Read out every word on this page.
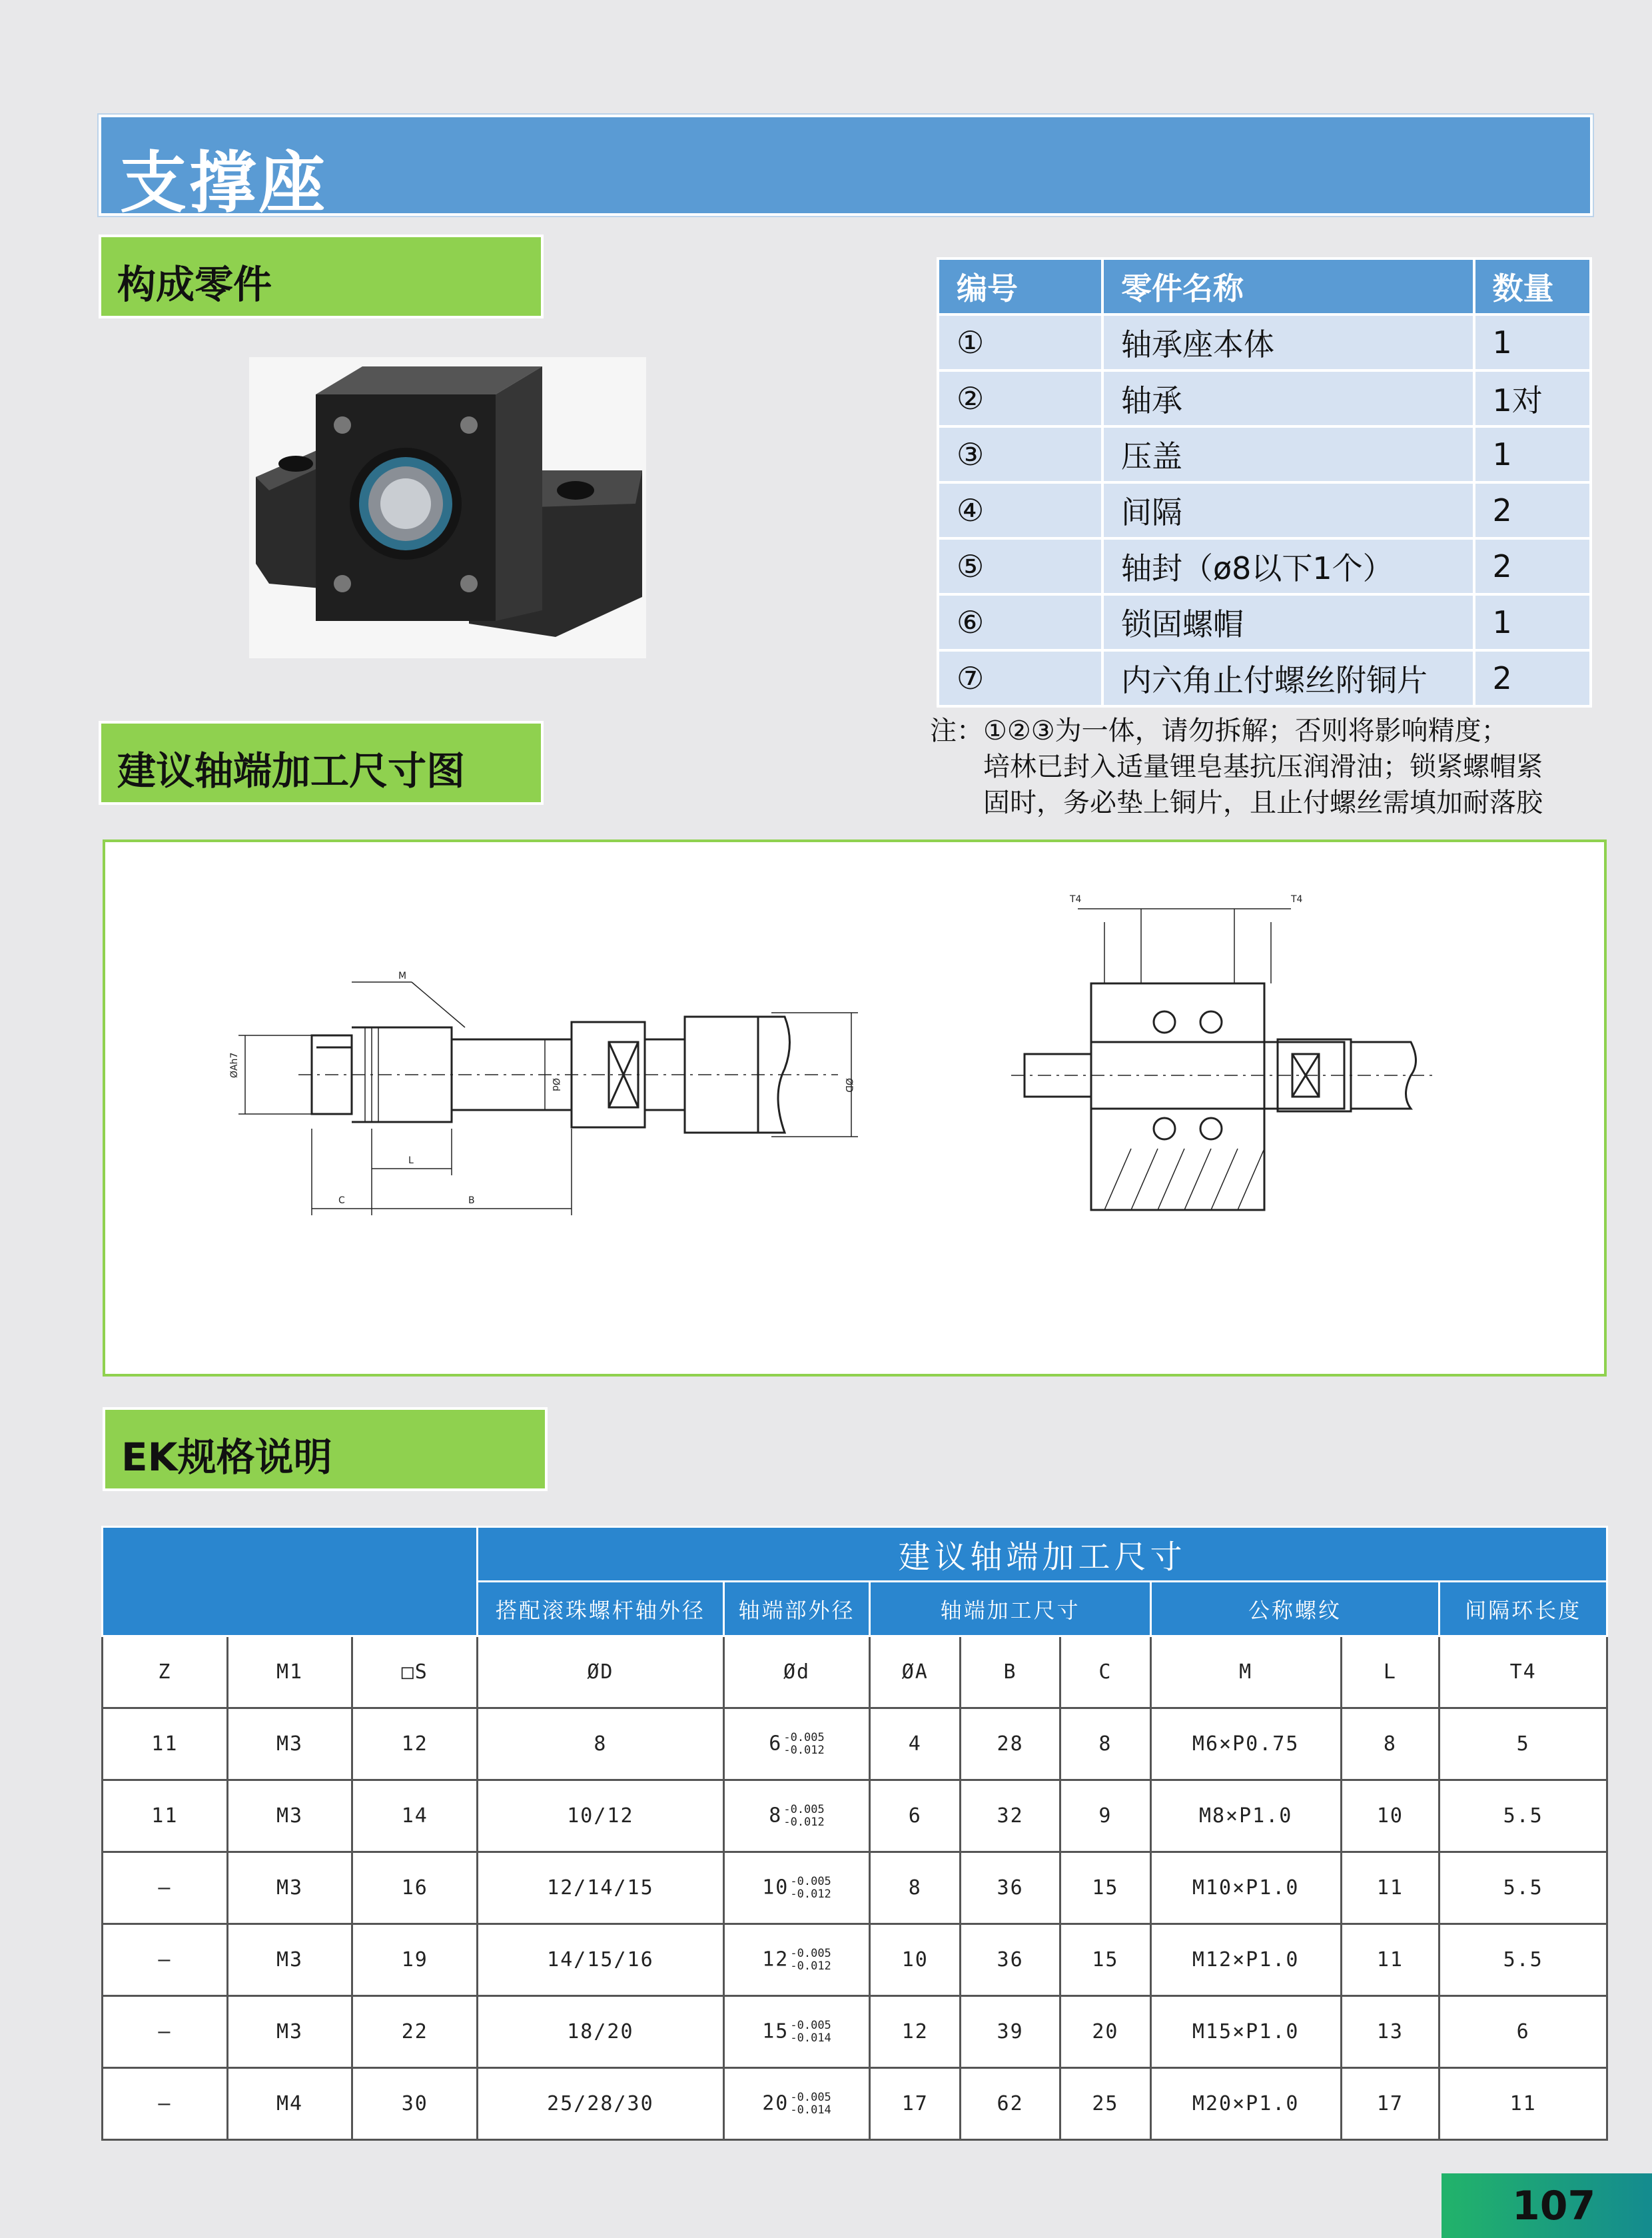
支撑座
构成零件
建议轴端加工尺寸图
EK规格说明
编号	零件名称	数量
①	轴承座本体	1
②	轴承	1对
③	压盖	1
④	间隔	2
⑤	轴封（ø8以下1个）	2
⑥	锁固螺帽	1
⑦	内六角止付螺丝附铜片	2
注：①②③为一体，请勿拆解；否则将影响精度；
培林已封入适量锂皂基抗压润滑油；锁紧螺帽紧
固时，务必垫上铜片，且止付螺丝需填加耐落胶
M
Ød	ØD
ØAh7
L
C	B
T4	T4
			建议轴端加工尺寸							
			搭配滚珠螺杆轴外径	轴端部外径	轴端加工尺寸			公称螺纹		间隔环长度
Z	M1	□S	ØD	Ød	ØA	B	C	M	L	T4
11	M3	12	8	6 -0.005
-0.012	4	28	8	M6×P0.75	8	5
11	M3	14	10/12	8 -0.005
-0.012	6	32	9	M8×P1.0	10	5.5
–	M3	16	12/14/15	10 -0.005
-0.012	8	36	15	M10×P1.0	11	5.5
–	M3	19	14/15/16	12 -0.005
-0.012	10	36	15	M12×P1.0	11	5.5
–	M3	22	18/20	15 -0.005
-0.014	12	39	20	M15×P1.0	13	6
–	M4	30	25/28/30	20 -0.005
-0.014	17	62	25	M20×P1.0	17	11
107
